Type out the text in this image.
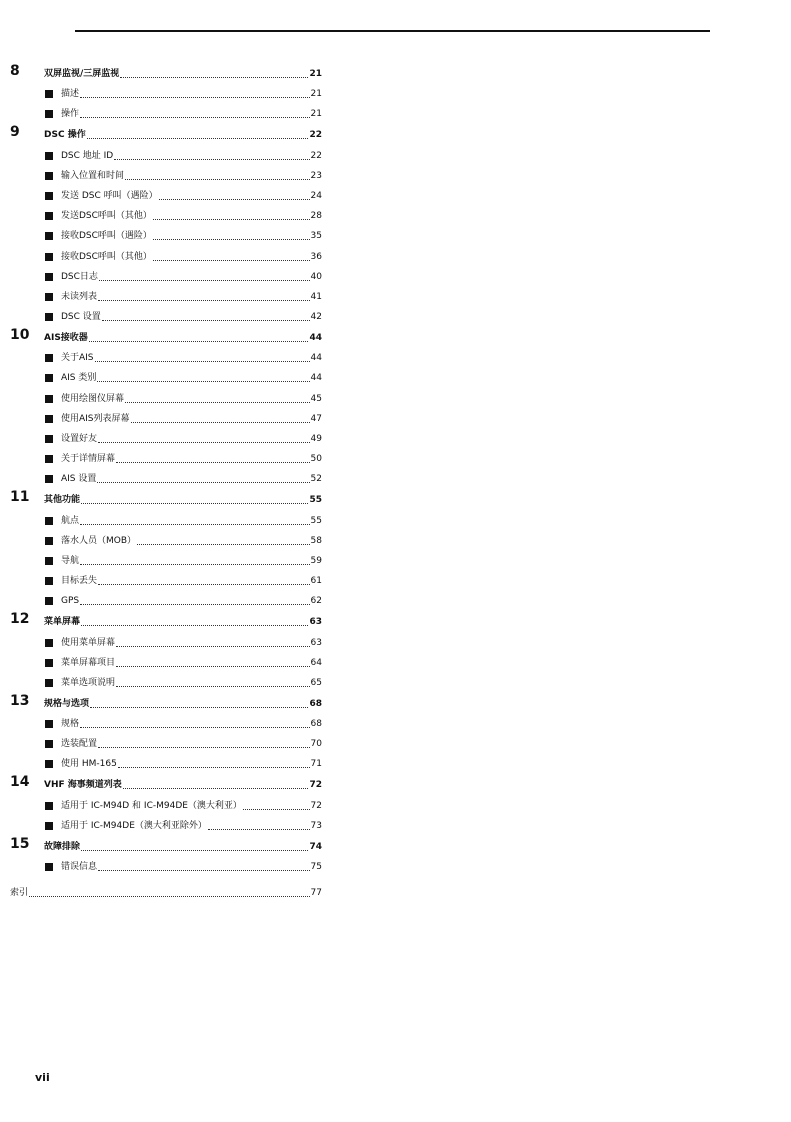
8	双屏监视/三屏监视	21
描述	21
操作	21
9	DSC 操作	22
DSC 地址 ID	22
输入位置和时间	23
发送 DSC 呼叫（遇险）	24
发送DSC呼叫（其他）	28
接收DSC呼叫（遇险）	35
接收DSC呼叫（其他）	36
DSC日志	40
未读列表	41
DSC 设置	42
10	AIS接收器	44
关于AIS	44
AIS 类别	44
使用绘图仪屏幕	45
使用AIS列表屏幕	47
设置好友	49
关于详情屏幕	50
AIS 设置	52
11	其他功能	55
航点	55
落水人员（MOB）	58
导航	59
目标丢失	61
GPS	62
12	菜单屏幕	63
使用菜单屏幕	63
菜单屏幕项目	64
菜单选项说明	65
13	规格与选项	68
规格	68
选装配置	70
使用 HM-165	71
14	VHF 海事频道列表	72
适用于 IC-M94D 和 IC-M94DE（澳大利亚）	72
适用于 IC-M94DE（澳大利亚除外）	73
15	故障排除	74
错误信息	75
索引	77
vii
